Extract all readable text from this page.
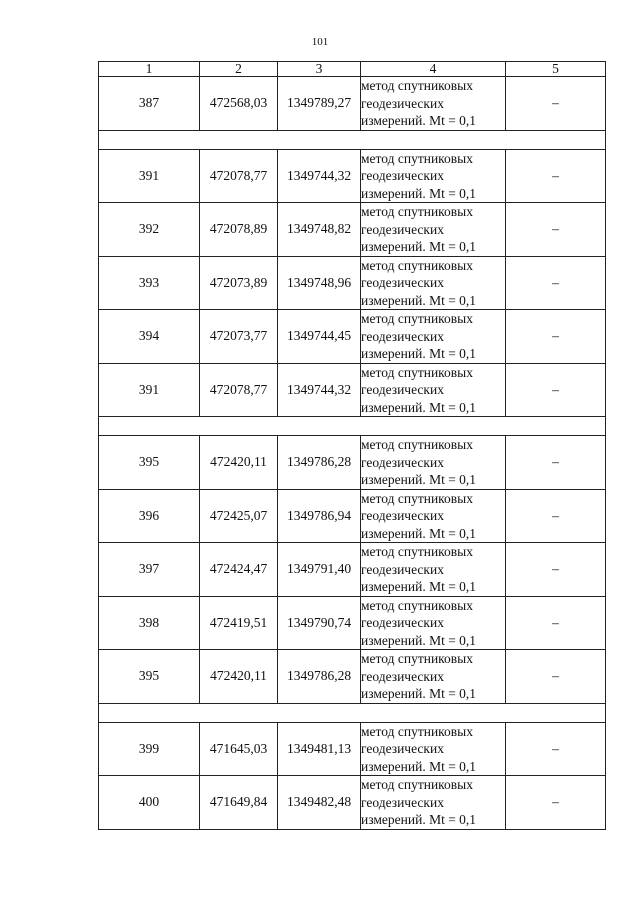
101
1	2	3	4	5
387	472568,03	1349789,27	метод спутниковых
геодезических
измерений. Mt = 0,1	–

391	472078,77	1349744,32	метод спутниковых
геодезических
измерений. Mt = 0,1	–
392	472078,89	1349748,82	метод спутниковых
геодезических
измерений. Mt = 0,1	–
393	472073,89	1349748,96	метод спутниковых
геодезических
измерений. Mt = 0,1	–
394	472073,77	1349744,45	метод спутниковых
геодезических
измерений. Mt = 0,1	–
391	472078,77	1349744,32	метод спутниковых
геодезических
измерений. Mt = 0,1	–

395	472420,11	1349786,28	метод спутниковых
геодезических
измерений. Mt = 0,1	–
396	472425,07	1349786,94	метод спутниковых
геодезических
измерений. Mt = 0,1	–
397	472424,47	1349791,40	метод спутниковых
геодезических
измерений. Mt = 0,1	–
398	472419,51	1349790,74	метод спутниковых
геодезических
измерений. Mt = 0,1	–
395	472420,11	1349786,28	метод спутниковых
геодезических
измерений. Mt = 0,1	–

399	471645,03	1349481,13	метод спутниковых
геодезических
измерений. Mt = 0,1	–
400	471649,84	1349482,48	метод спутниковых
геодезических
измерений. Mt = 0,1	–
